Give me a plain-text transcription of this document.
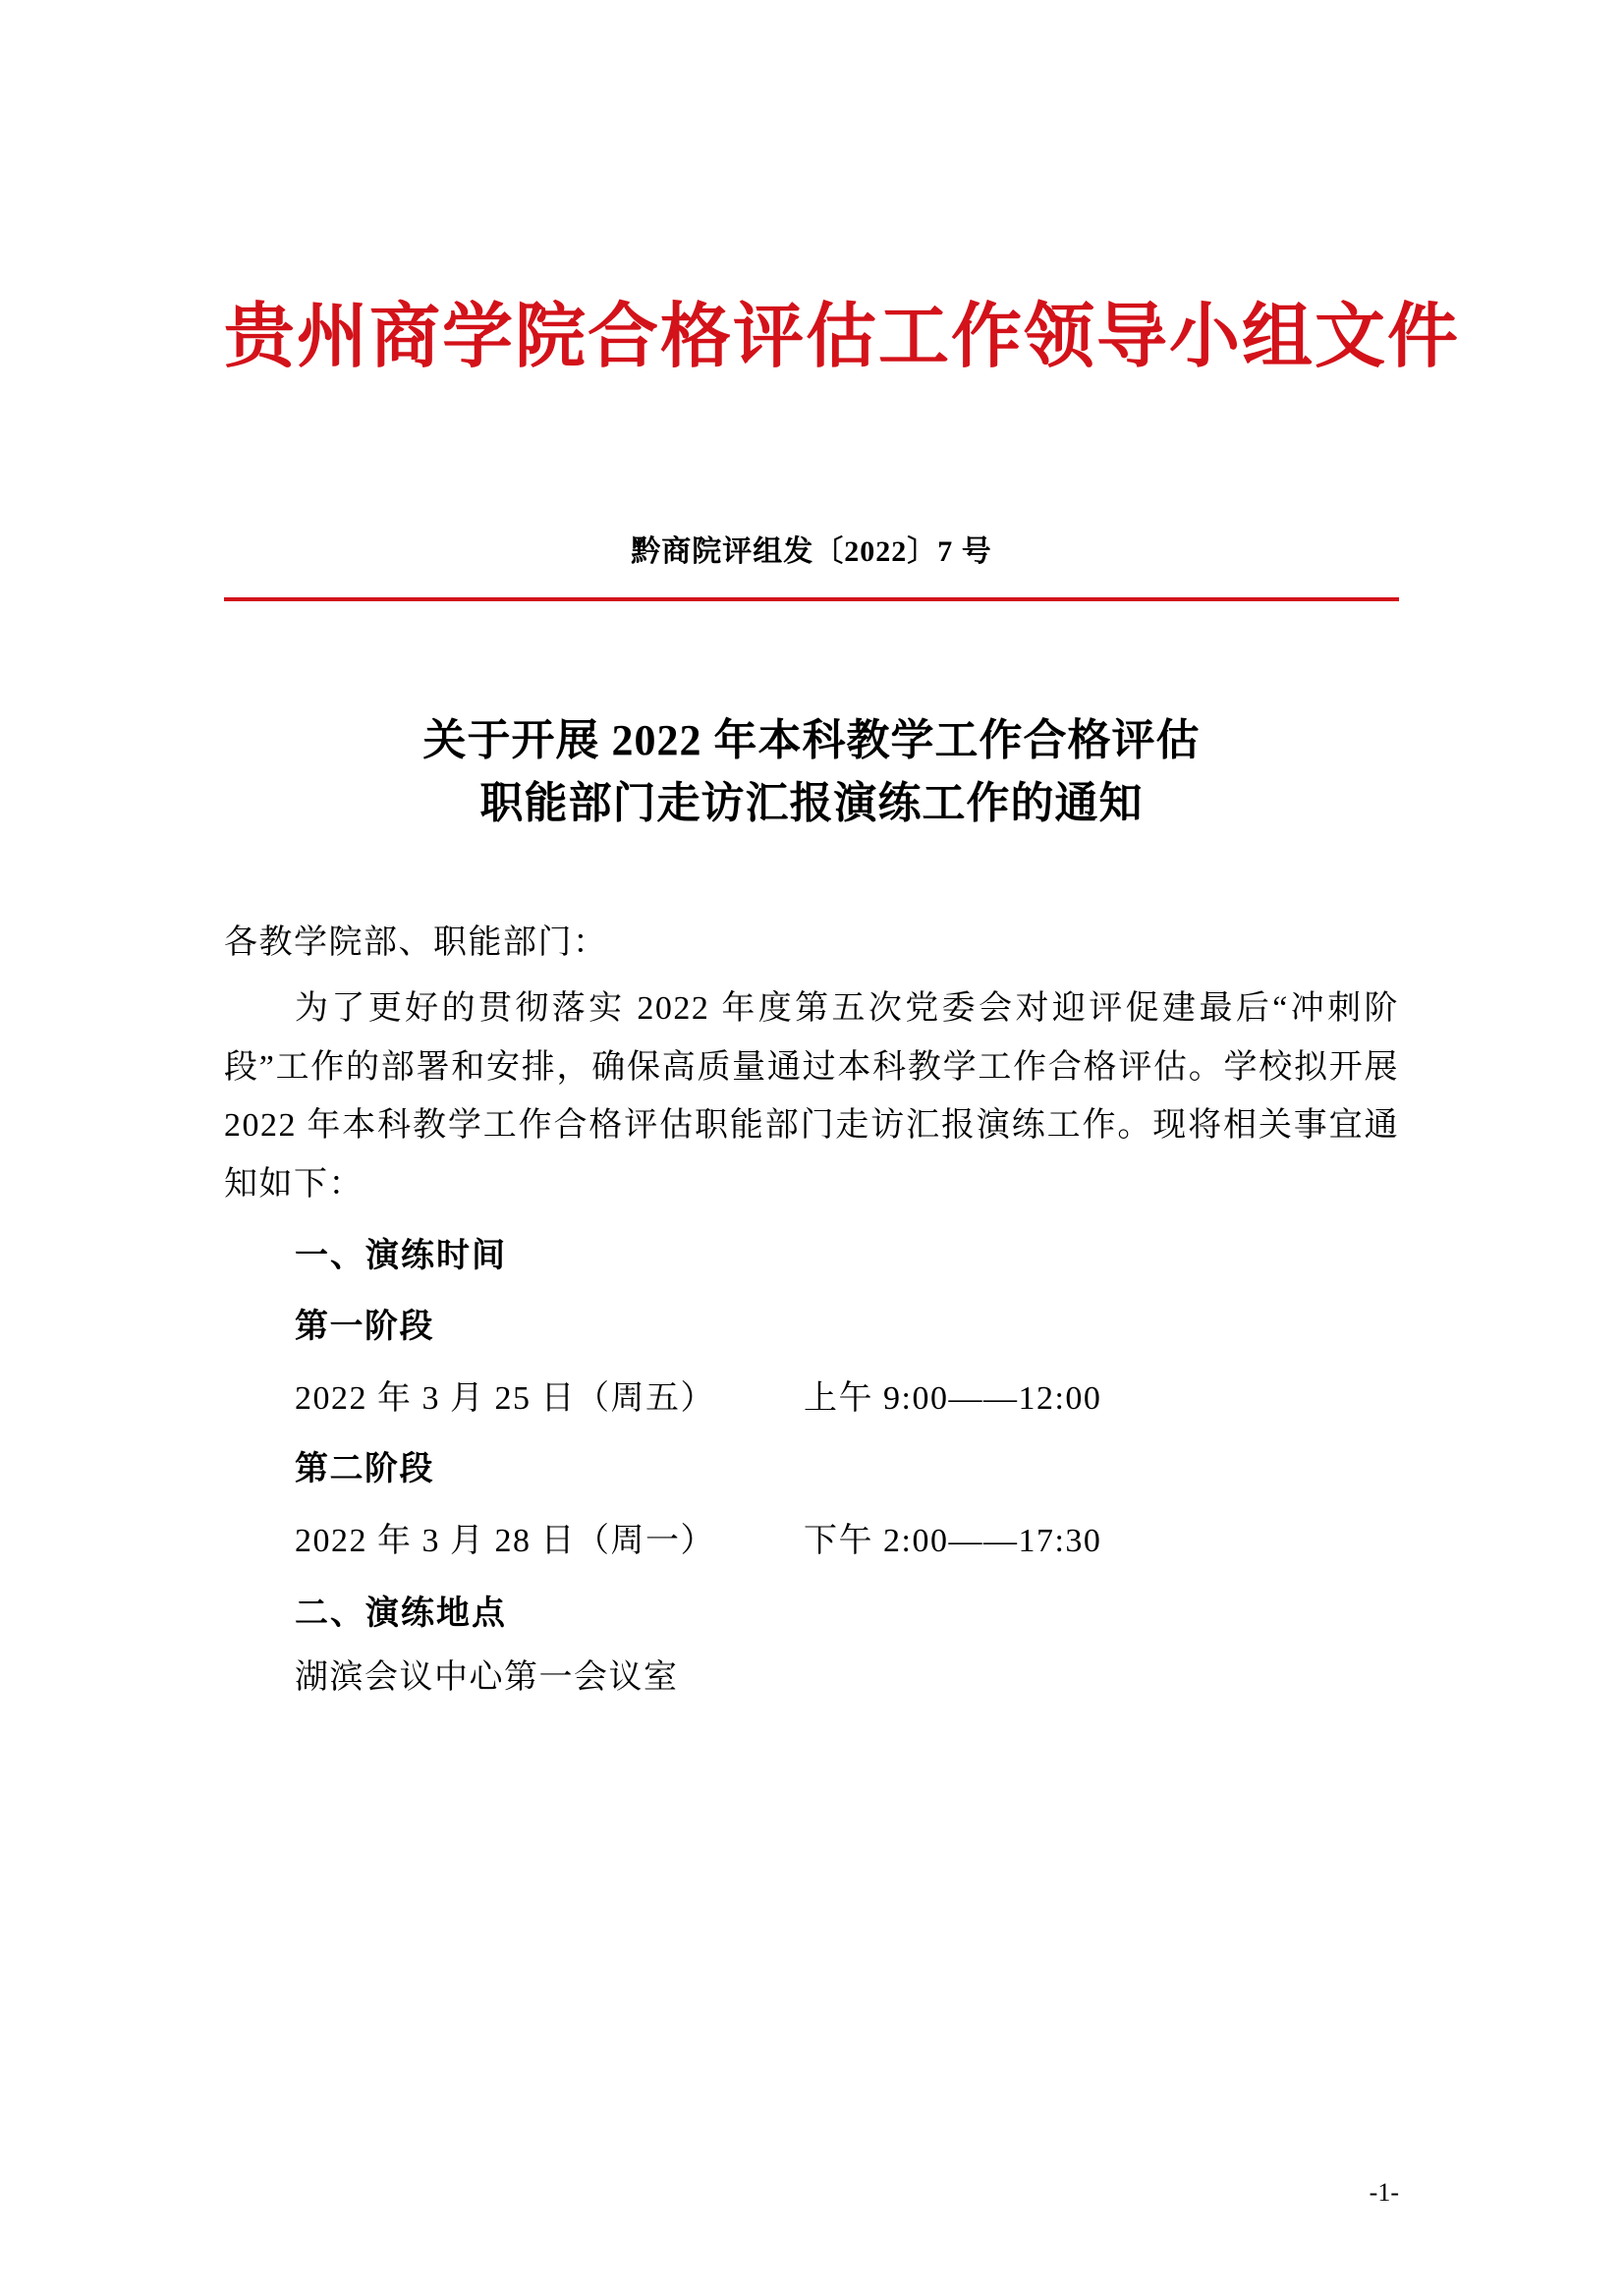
贵州商学院合格评估工作领导小组文件
黔商院评组发〔2022〕7 号
关于开展 2022 年本科教学工作合格评估
职能部门走访汇报演练工作的通知
各教学院部、职能部门：
为了更好的贯彻落实 2022 年度第五次党委会对迎评促建最后“冲刺阶段”工作的部署和安排，确保高质量通过本科教学工作合格评估。学校拟开展 2022 年本科教学工作合格评估职能部门走访汇报演练工作。现将相关事宜通知如下：
一、演练时间
第一阶段
2022 年 3 月 25 日（周五）	上午 9:00——12:00
第二阶段
2022 年 3 月 28 日（周一）	下午 2:00——17:30
二、演练地点
湖滨会议中心第一会议室
-1-
